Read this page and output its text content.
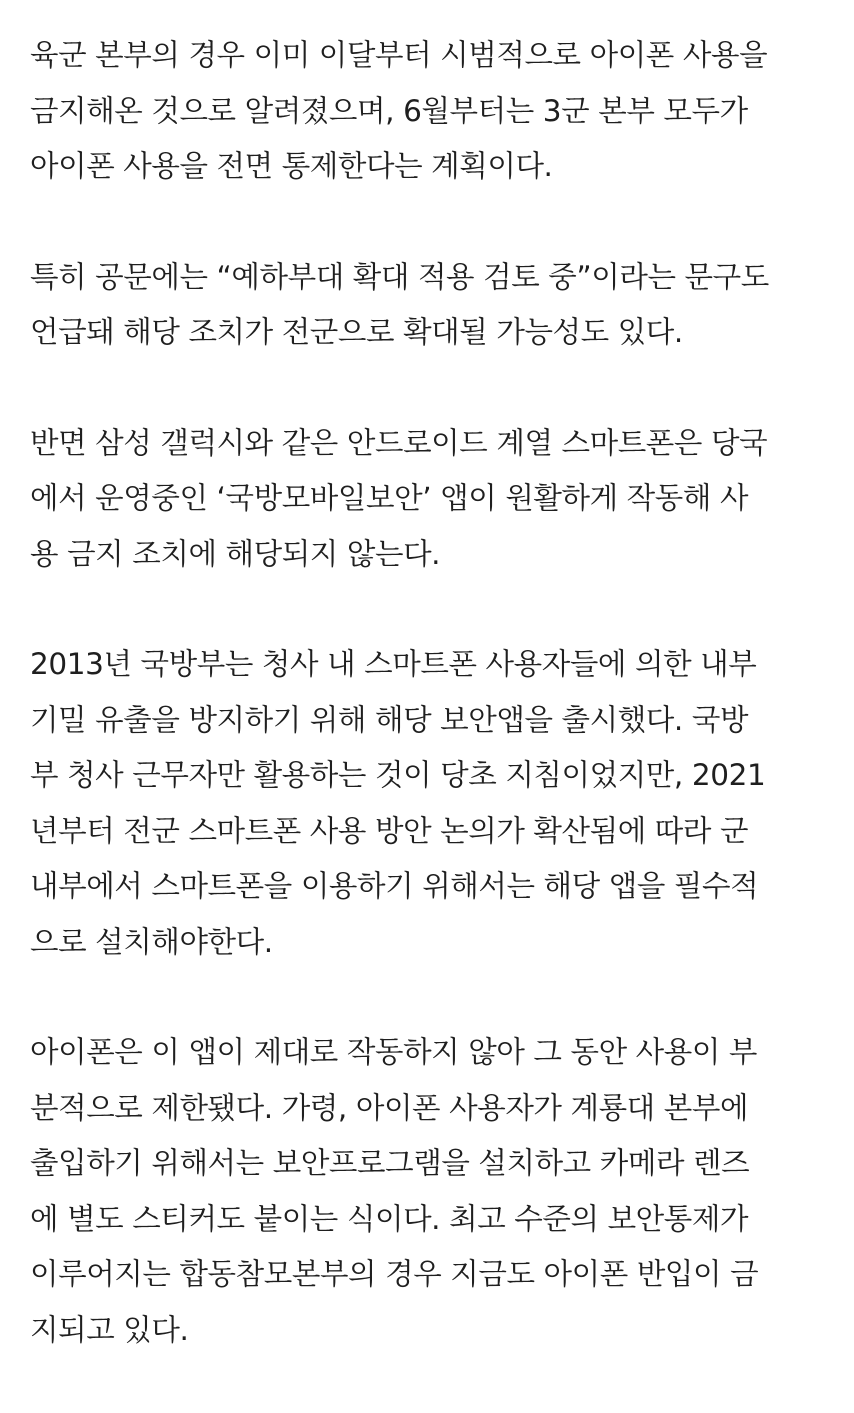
육군 본부의 경우 이미 이달부터 시범적으로 아이폰 사용을
금지해온 것으로 알려졌으며, 6월부터는 3군 본부 모두가
아이폰 사용을 전면 통제한다는 계획이다.
특히 공문에는 “예하부대 확대 적용 검토 중”이라는 문구도
언급돼 해당 조치가 전군으로 확대될 가능성도 있다.
반면 삼성 갤럭시와 같은 안드로이드 계열 스마트폰은 당국
에서 운영중인 ‘국방모바일보안’ 앱이 원활하게 작동해 사
용 금지 조치에 해당되지 않는다.
2013년 국방부는 청사 내 스마트폰 사용자들에 의한 내부
기밀 유출을 방지하기 위해 해당 보안앱을 출시했다. 국방
부 청사 근무자만 활용하는 것이 당초 지침이었지만, 2021
년부터 전군 스마트폰 사용 방안 논의가 확산됨에 따라 군
내부에서 스마트폰을 이용하기 위해서는 해당 앱을 필수적
으로 설치해야한다.
아이폰은 이 앱이 제대로 작동하지 않아 그 동안 사용이 부
분적으로 제한됐다. 가령, 아이폰 사용자가 계룡대 본부에
출입하기 위해서는 보안프로그램을 설치하고 카메라 렌즈
에 별도 스티커도 붙이는 식이다. 최고 수준의 보안통제가
이루어지는 합동참모본부의 경우 지금도 아이폰 반입이 금
지되고 있다.
